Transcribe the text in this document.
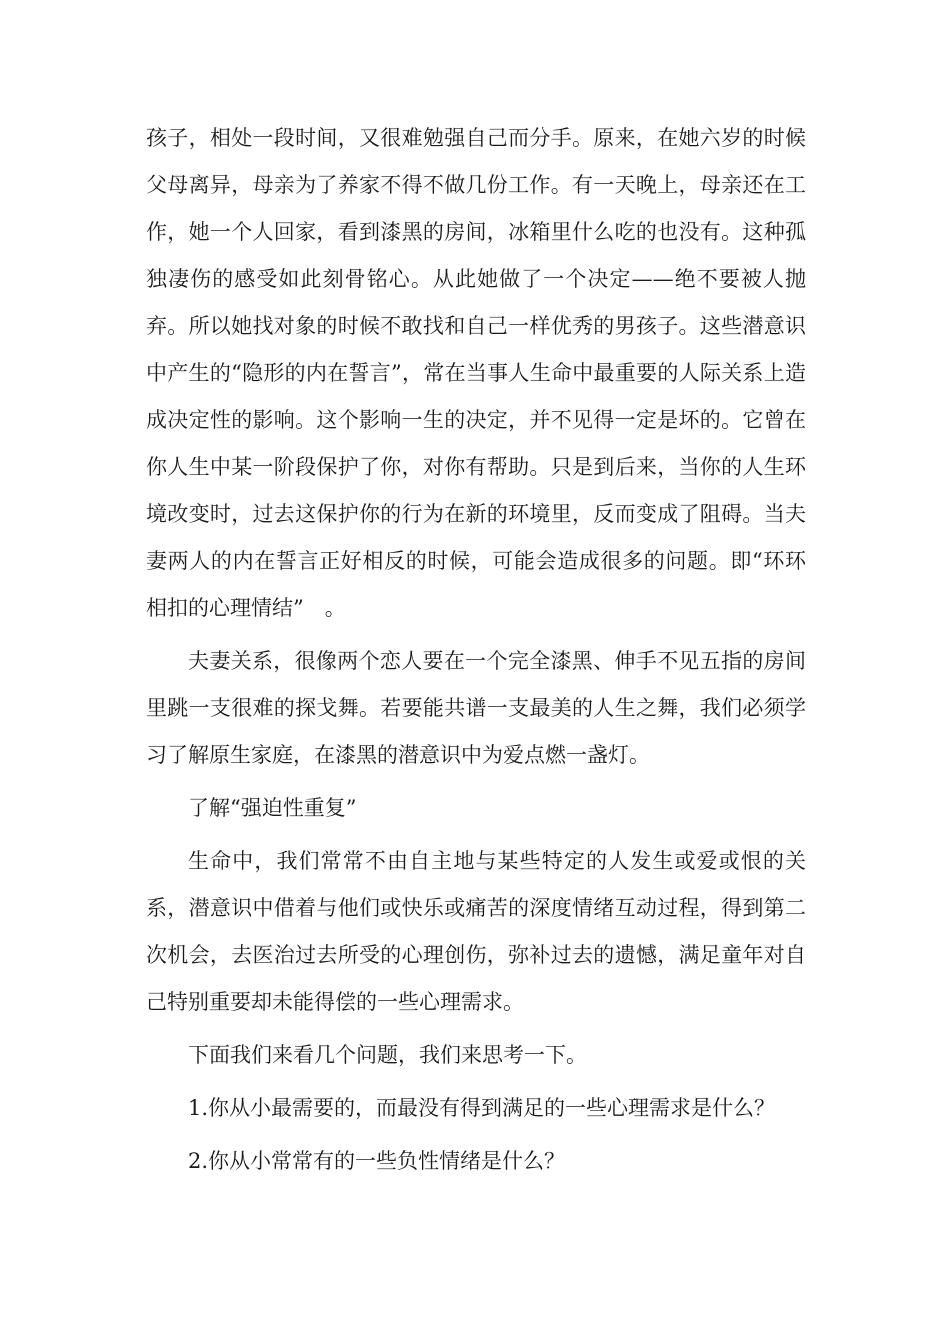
孩子，相处一段时间，又很难勉强自己而分手。原来，在她六岁的时候父母离异，母亲为了养家不得不做几份工作。有一天晚上，母亲还在工作，她一个人回家，看到漆黑的房间，冰箱里什么吃的也没有。这种孤独凄伤的感受如此刻骨铭心。从此她做了一个决定——绝不要被人抛弃。所以她找对象的时候不敢找和自己一样优秀的男孩子。这些潜意识中产生的“隐形的内在誓言”，常在当事人生命中最重要的人际关系上造成决定性的影响。这个影响一生的决定，并不见得一定是坏的。它曾在你人生中某一阶段保护了你，对你有帮助。只是到后来，当你的人生环境改变时，过去这保护你的行为在新的环境里，反而变成了阻碍。当夫妻两人的内在誓言正好相反的时候，可能会造成很多的问题。即“环环相扣的心理情结”　。

夫妻关系，很像两个恋人要在一个完全漆黑、伸手不见五指的房间里跳一支很难的探戈舞。若要能共谱一支最美的人生之舞，我们必须学习了解原生家庭，在漆黑的潜意识中为爱点燃一盏灯。

了解“强迫性重复”

生命中，我们常常不由自主地与某些特定的人发生或爱或恨的关系，潜意识中借着与他们或快乐或痛苦的深度情绪互动过程，得到第二次机会，去医治过去所受的心理创伤，弥补过去的遗憾，满足童年对自己特别重要却未能得偿的一些心理需求。

下面我们来看几个问题，我们来思考一下。

1.你从小最需要的，而最没有得到满足的一些心理需求是什么？

2.你从小常常有的一些负性情绪是什么？
